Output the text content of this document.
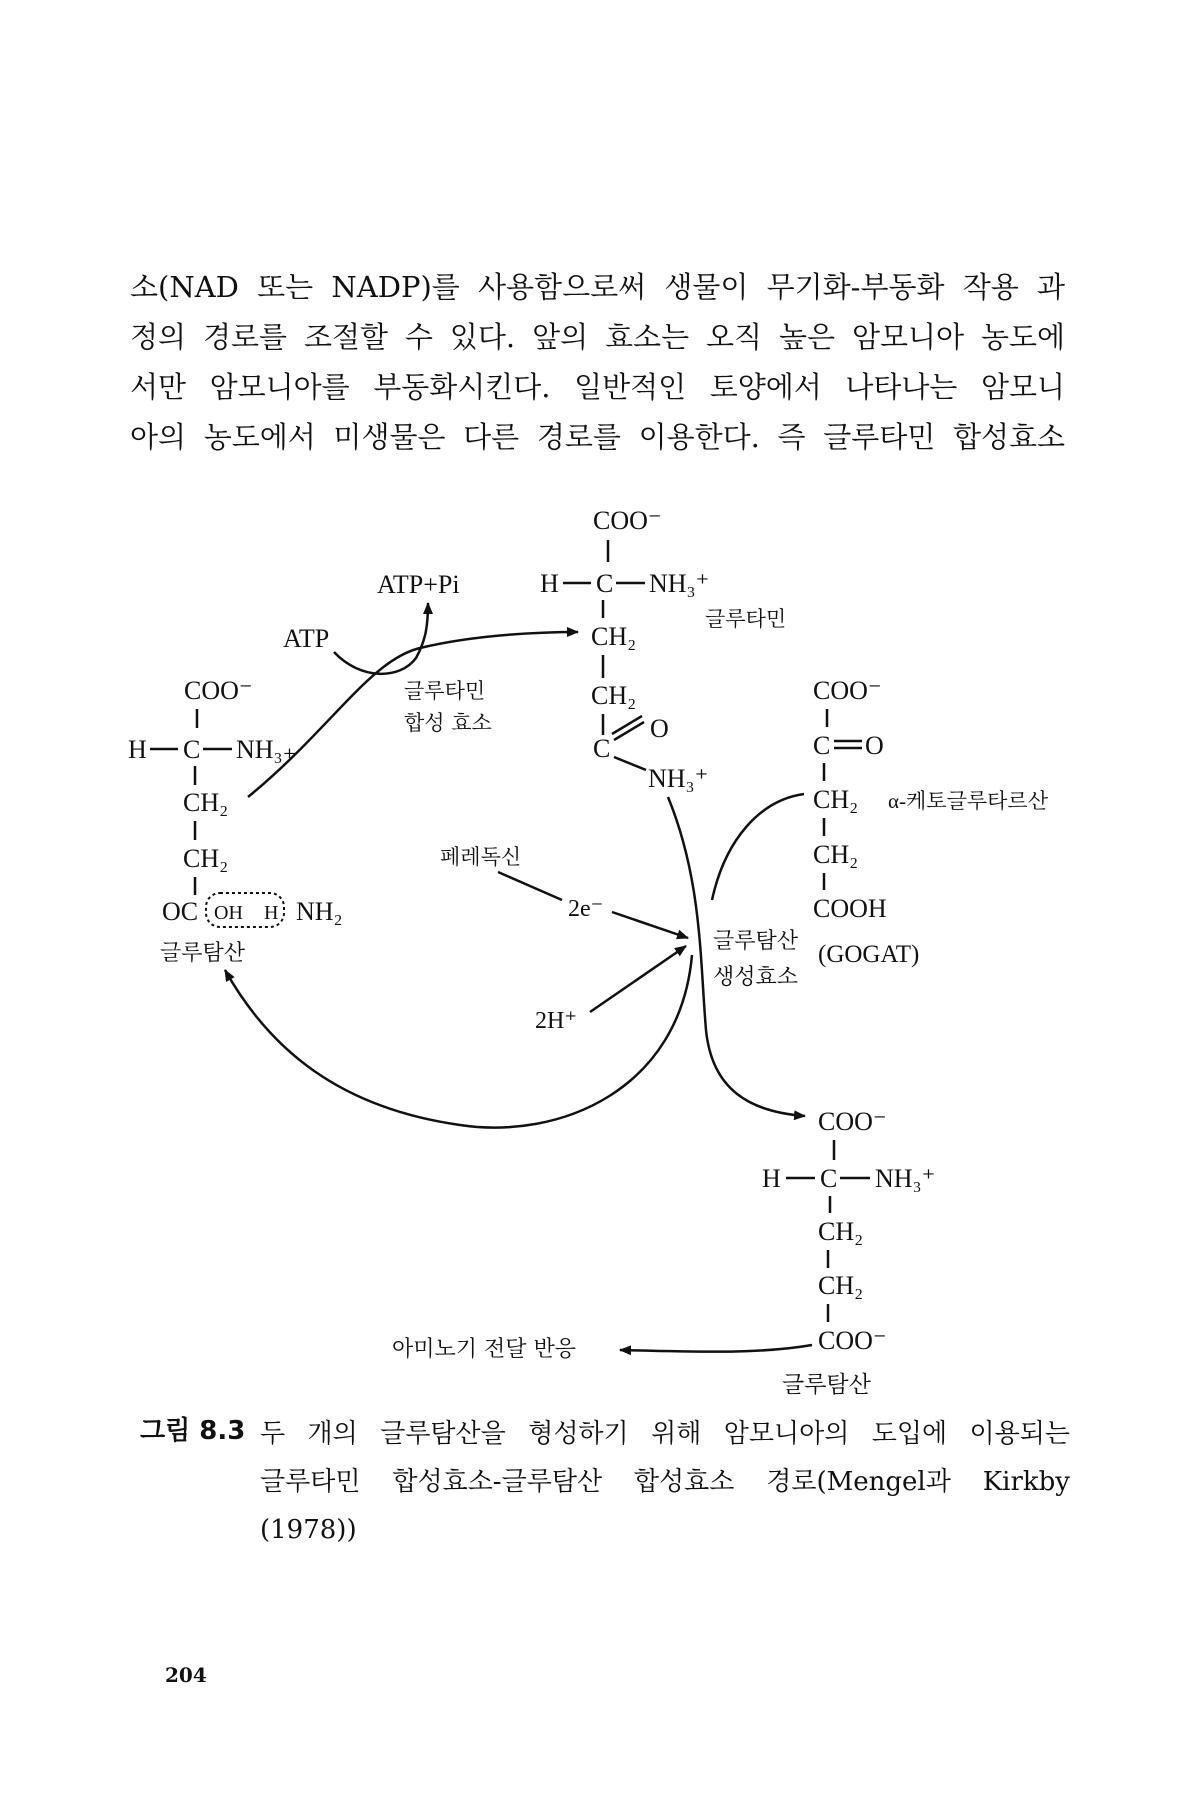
소(NAD 또는 NADP)를 사용함으로써 생물이 무기화-부동화 작용 과

정의 경로를 조절할 수 있다. 앞의 효소는 오직 높은 암모니아 농도에

서만 암모니아를 부동화시킨다. 일반적인 토양에서 나타나는 암모니

아의 농도에서 미생물은 다른 경로를 이용한다. 즉 글루타민 합성효소

COO⁻
H C NH₃⁺
CH₂
CH₂
C
O
NH₃⁺
글루타민
COO⁻
H C NH₃₊
CH₂
CH₂
OC OH H NH₂
글루탐산
COO⁻
C O
CH₂
CH₂
COOH
α-케토글루타르산
COO⁻
H C NH₃⁺
CH₂
CH₂
COO⁻
글루탐산
ATP
ATP+Pi
글루타민
합성 효소
페레독신
2e⁻
2H⁺
글루탐산
생성효소
(GOGAT)
아미노기 전달 반응
그림 8.3 두 개의 글루탐산을 형성하기 위해 암모니아의 도입에 이용되는
글루타민 합성효소-글루탐산 합성효소 경로(Mengel과 Kirkby
(1978))
204
